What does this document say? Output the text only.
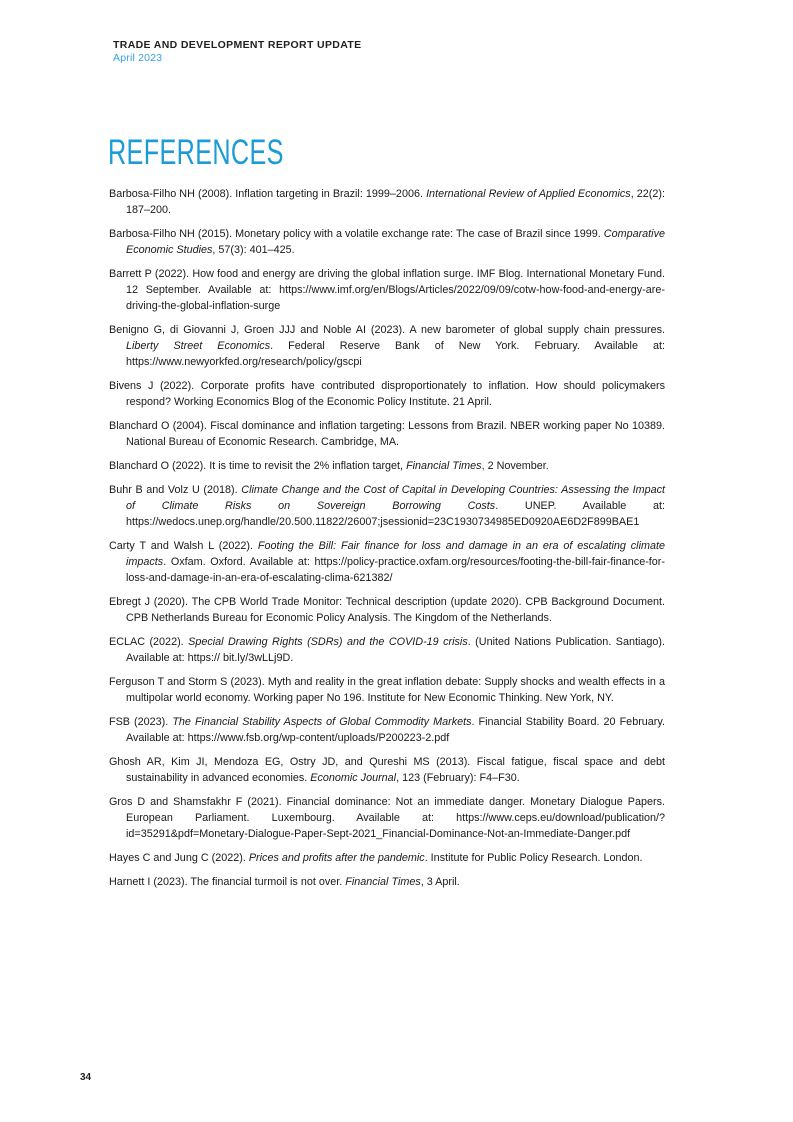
TRADE AND DEVELOPMENT REPORT UPDATE
April 2023
REFERENCES

Barbosa-Filho NH (2008). Inflation targeting in Brazil: 1999–2006. International Review of Applied Economics, 22(2): 187–200.

Barbosa-Filho NH (2015). Monetary policy with a volatile exchange rate: The case of Brazil since 1999. Comparative Economic Studies, 57(3): 401–425.

Barrett P (2022). How food and energy are driving the global inflation surge. IMF Blog. International Monetary Fund. 12 September. Available at: https://www.imf.org/en/Blogs/Articles/2022/09/09/cotw-how-food-and-energy-are-driving-the-global-inflation-surge

Benigno G, di Giovanni J, Groen JJJ and Noble AI (2023). A new barometer of global supply chain pressures. Liberty Street Economics. Federal Reserve Bank of New York. February. Available at: https://www.newyorkfed.org/research/policy/gscpi

Bivens J (2022). Corporate profits have contributed disproportionately to inflation. How should policymakers respond? Working Economics Blog of the Economic Policy Institute. 21 April.

Blanchard O (2004). Fiscal dominance and inflation targeting: Lessons from Brazil. NBER working paper No 10389. National Bureau of Economic Research. Cambridge, MA.

Blanchard O (2022). It is time to revisit the 2% inflation target, Financial Times, 2 November.

Buhr B and Volz U (2018). Climate Change and the Cost of Capital in Developing Countries: Assessing the Impact of Climate Risks on Sovereign Borrowing Costs. UNEP. Available at: https://wedocs.unep.org/handle/20.500.11822/26007;jsessionid=23C1930734985ED0920AE6D2F899BAE1

Carty T and Walsh L (2022). Footing the Bill: Fair finance for loss and damage in an era of escalating climate impacts. Oxfam. Oxford. Available at: https://policy-practice.oxfam.org/resources/footing-the-bill-fair-finance-for-loss-and-damage-in-an-era-of-escalating-clima-621382/

Ebregt J (2020). The CPB World Trade Monitor: Technical description (update 2020). CPB Background Document. CPB Netherlands Bureau for Economic Policy Analysis. The Kingdom of the Netherlands.

ECLAC (2022). Special Drawing Rights (SDRs) and the COVID-19 crisis. (United Nations Publication. Santiago). Available at: https:// bit.ly/3wLLj9D.

Ferguson T and Storm S (2023). Myth and reality in the great inflation debate: Supply shocks and wealth effects in a multipolar world economy. Working paper No 196. Institute for New Economic Thinking. New York, NY.

FSB (2023). The Financial Stability Aspects of Global Commodity Markets. Financial Stability Board. 20 February. Available at: https://www.fsb.org/wp-content/uploads/P200223-2.pdf

Ghosh AR, Kim JI, Mendoza EG, Ostry JD, and Qureshi MS (2013). Fiscal fatigue, fiscal space and debt sustainability in advanced economies. Economic Journal, 123 (February): F4–F30.

Gros D and Shamsfakhr F (2021). Financial dominance: Not an immediate danger. Monetary Dialogue Papers. European Parliament. Luxembourg. Available at: https://www.ceps.eu/download/publication/?id=35291&pdf=Monetary-Dialogue-Paper-Sept-2021_Financial-Dominance-Not-an-Immediate-Danger.pdf

Hayes C and Jung C (2022). Prices and profits after the pandemic. Institute for Public Policy Research. London.

Harnett I (2023). The financial turmoil is not over. Financial Times, 3 April.

34
